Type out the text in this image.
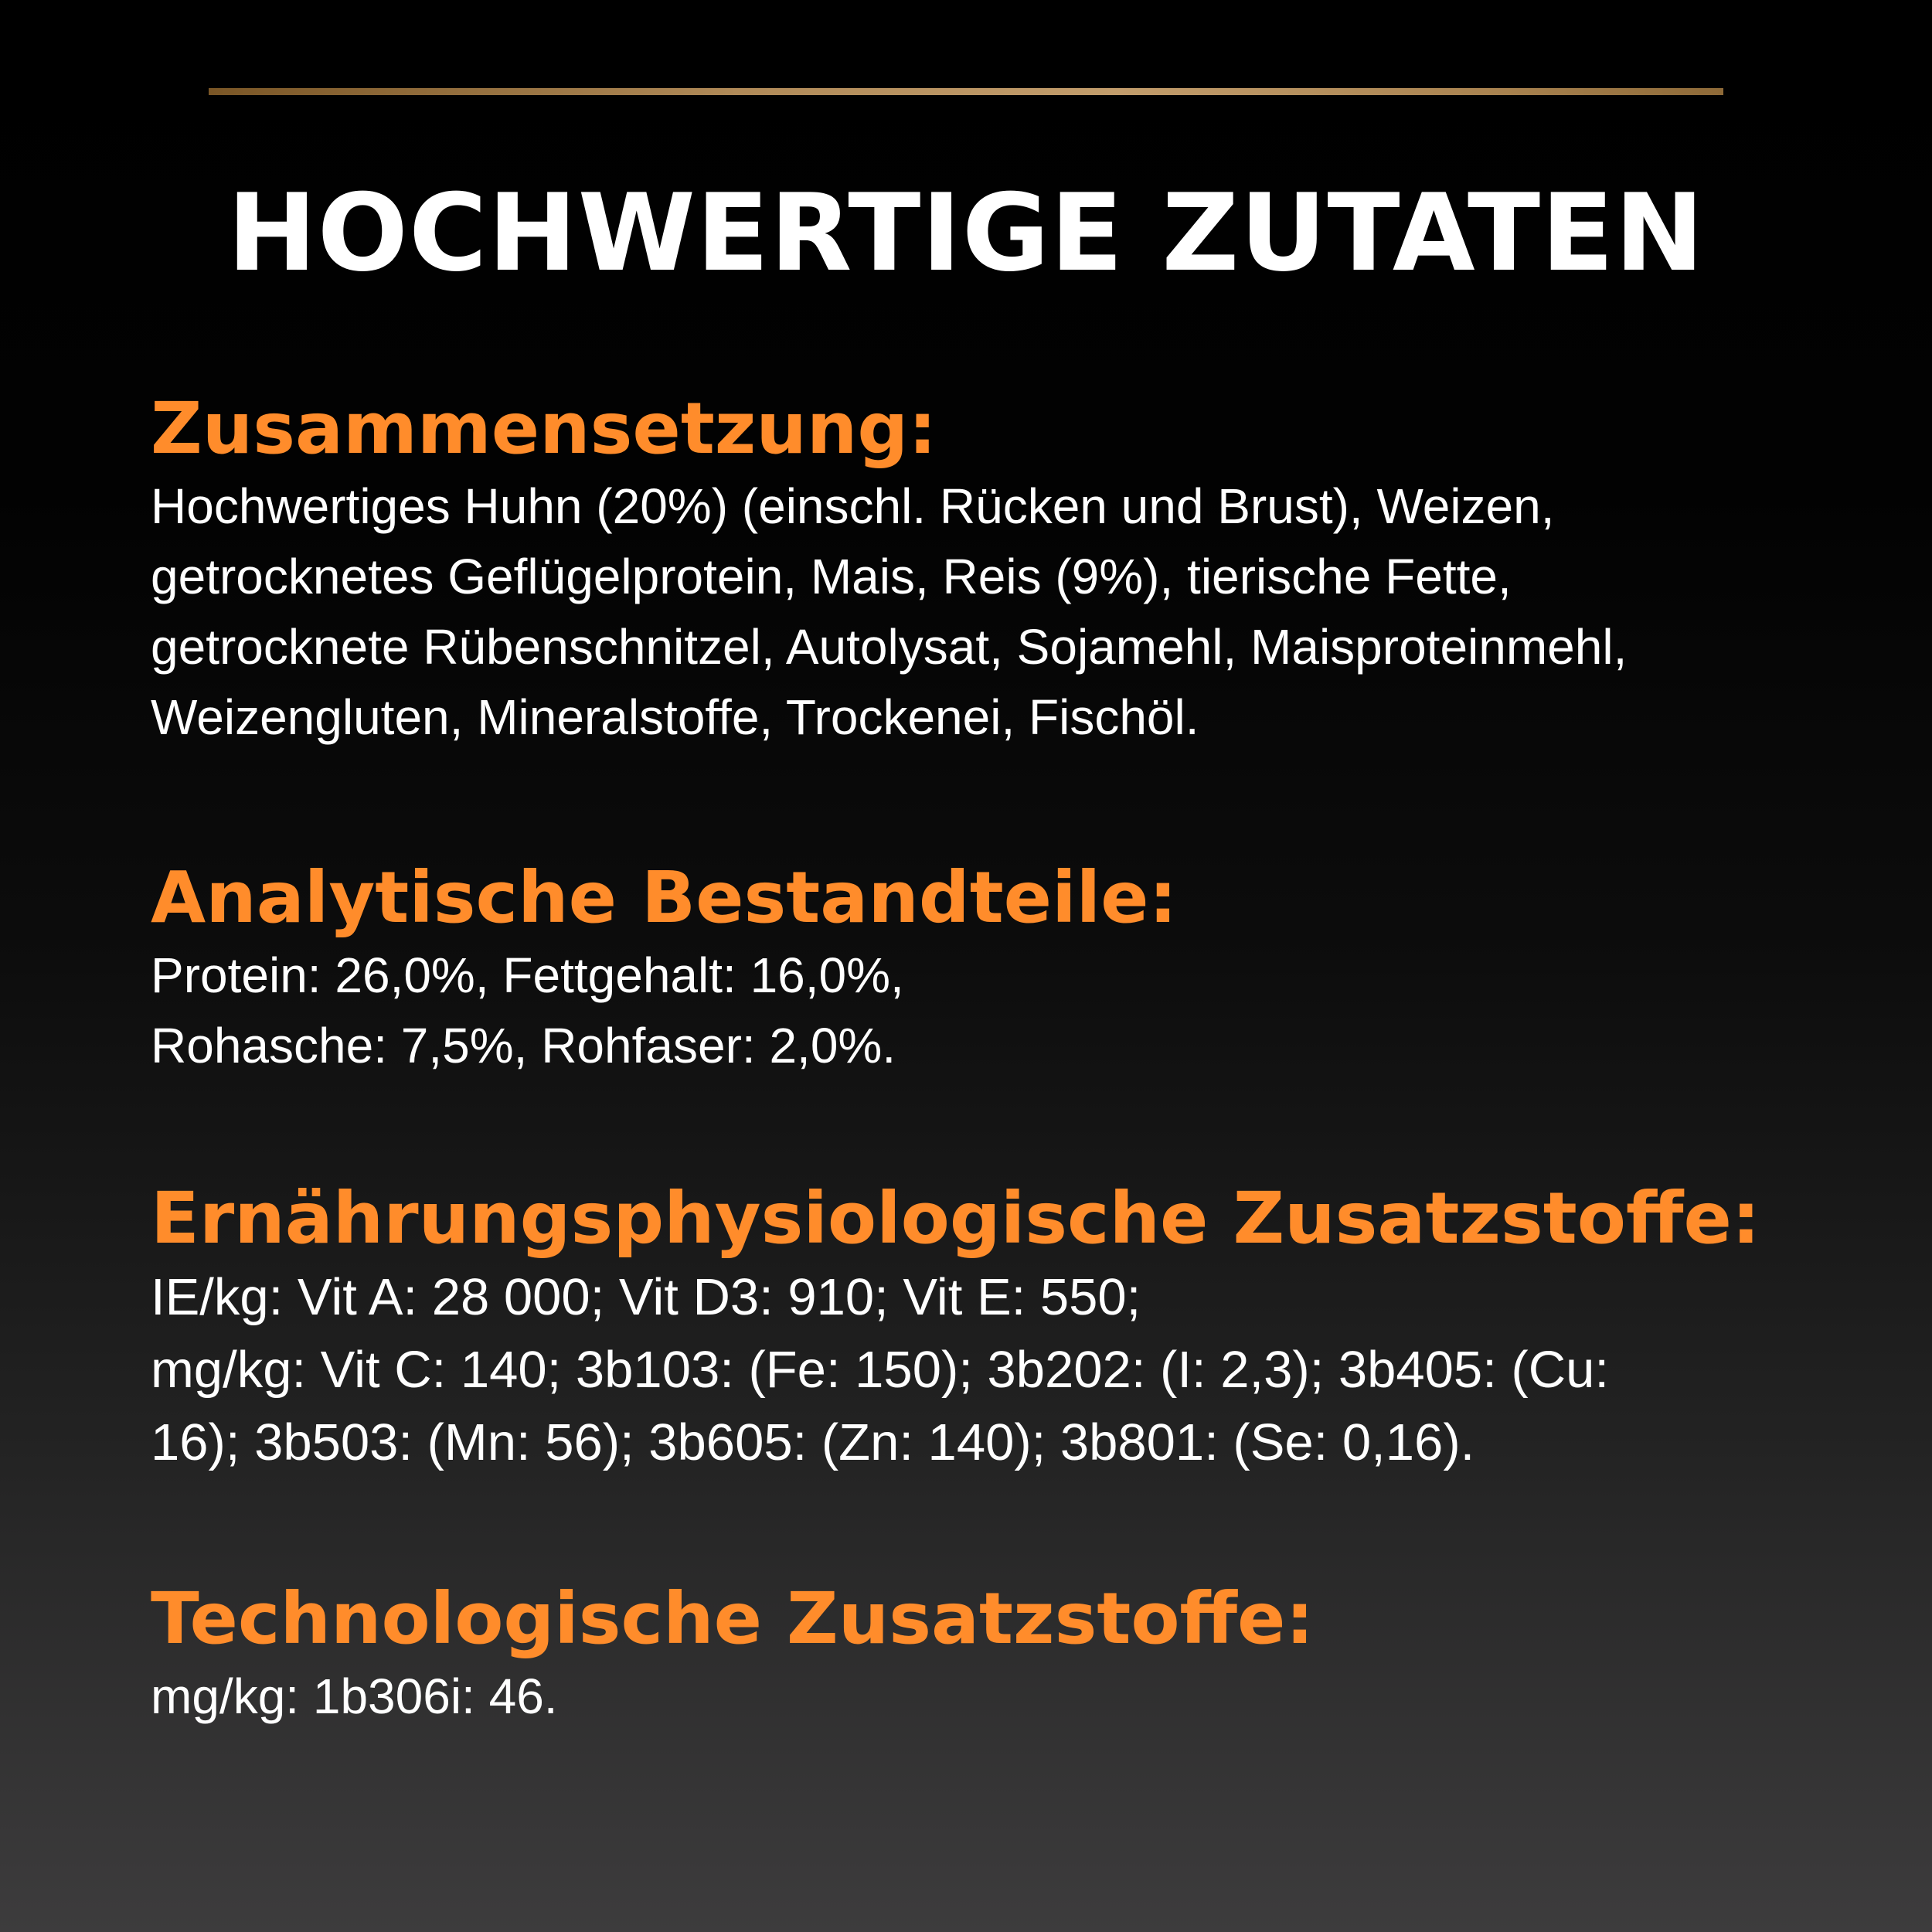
HOCHWERTIGE ZUTATEN
Zusammensetzung:

Hochwertiges Huhn (20%) (einschl. Rücken und Brust), Weizen,
getrocknetes Geflügelprotein, Mais, Reis (9%), tierische Fette,
getrocknete Rübenschnitzel, Autolysat, Sojamehl, Maisproteinmehl,
Weizengluten, Mineralstoffe, Trockenei, Fischöl.

Analytische Bestandteile:

Protein: 26,0%, Fettgehalt: 16,0%,
Rohasche: 7,5%, Rohfaser: 2,0%.

Ernährungsphysiologische Zusatzstoffe:

IE/kg: Vit A: 28 000; Vit D3: 910; Vit E: 550;
mg/kg: Vit C: 140; 3b103: (Fe: 150); 3b202: (I: 2,3); 3b405: (Cu:
16); 3b503: (Mn: 56); 3b605: (Zn: 140); 3b801: (Se: 0,16).

Technologische Zusatzstoffe:

mg/kg: 1b306i: 46.
